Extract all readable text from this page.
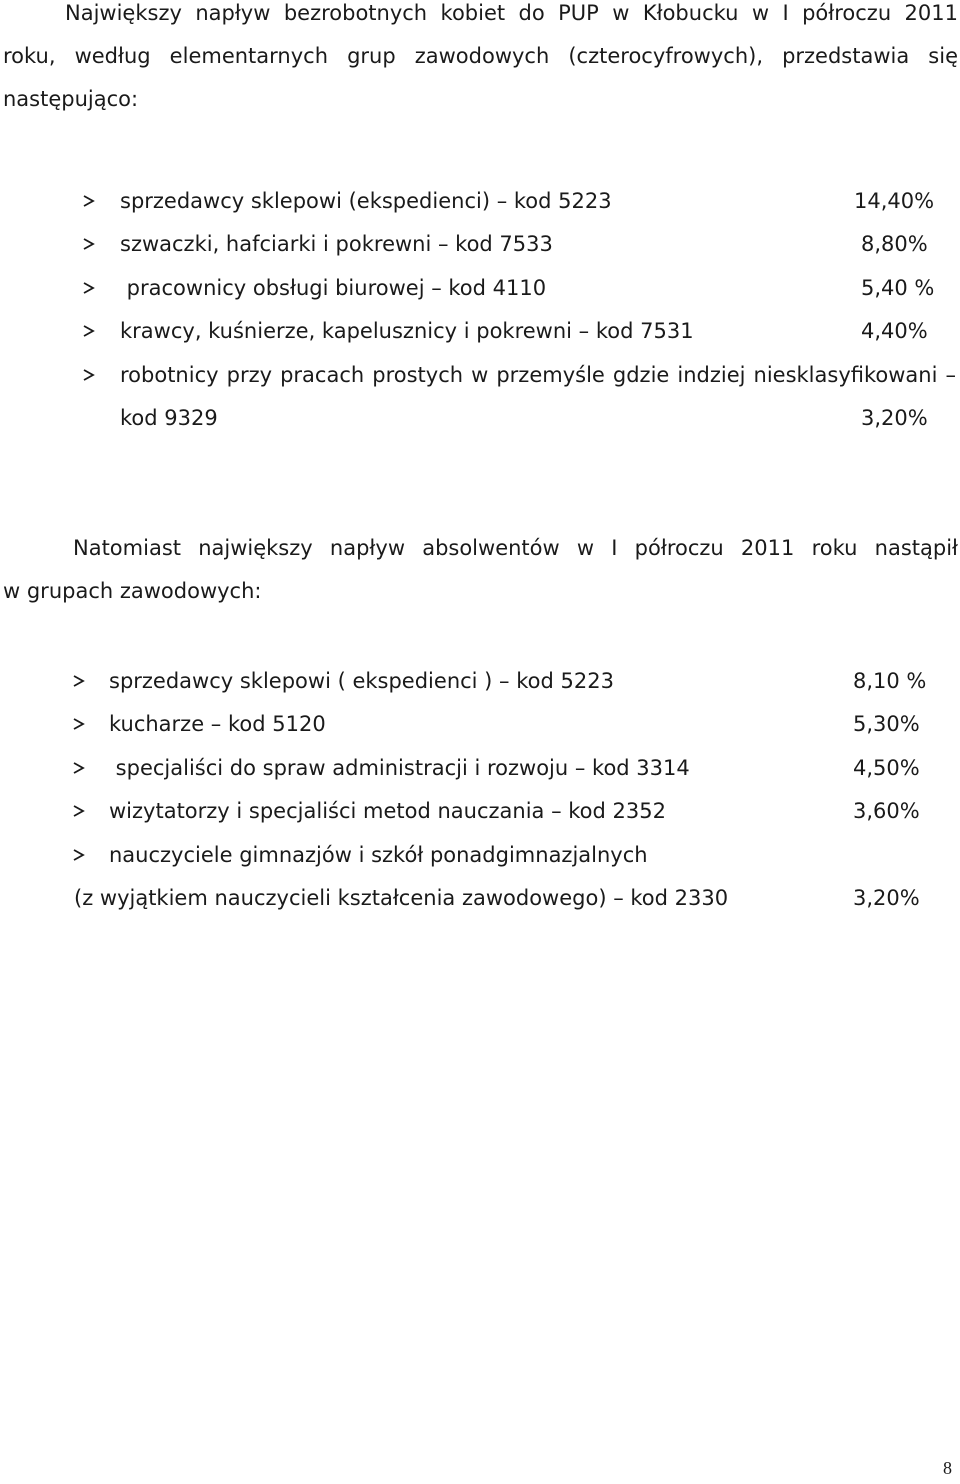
Największy napływ bezrobotnych kobiet do PUP w Kłobucku w I półroczu 2011
roku, według elementarnych grup zawodowych (czterocyfrowych), przedstawia się
następująco:
sprzedawcy sklepowi (ekspedienci) – kod 5223	14,40%
szwaczki, hafciarki i pokrewni – kod 7533	8,80%
pracownicy obsługi biurowej – kod 4110	5,40 %
krawcy, kuśnierze, kapelusznicy i pokrewni – kod 7531	4,40%
robotnicy przy pracach prostych w przemyśle gdzie indziej niesklasyfikowani –
kod 9329	3,20%
Natomiast największy napływ absolwentów w I półroczu 2011 roku nastąpił
w grupach zawodowych:
sprzedawcy sklepowi ( ekspedienci ) – kod 5223	8,10 %
kucharze – kod 5120	5,30%
specjaliści do spraw administracji i rozwoju – kod 3314	4,50%
wizytatorzy i specjaliści metod nauczania – kod 2352	3,60%
nauczyciele gimnazjów i szkół ponadgimnazjalnych
(z wyjątkiem nauczycieli kształcenia zawodowego) – kod 2330	3,20%
8
